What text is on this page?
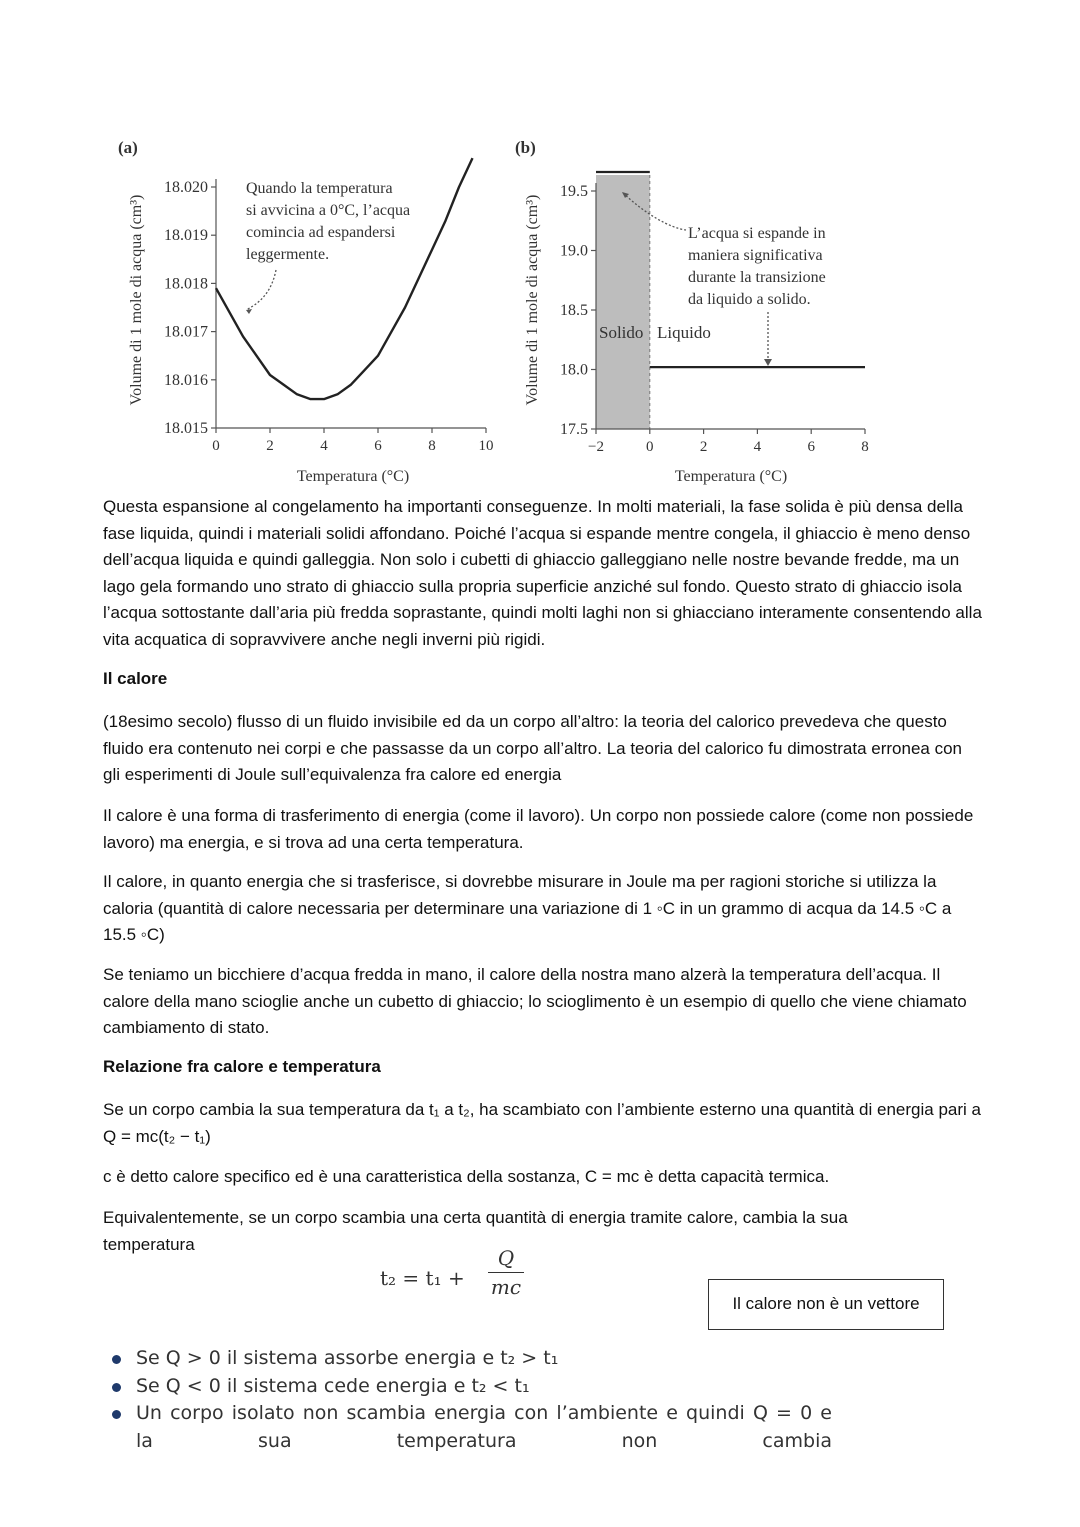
(a)
Volume di 1 mole di acqua (cm³)
18.020
18.019
18.018
18.017
18.016
18.015
0	2	4	6	8	10
Quando la temperatura
si avvicina a 0°C, l’acqua
comincia ad espandersi
leggermente.
Temperatura (°C)
(b)
Volume di 1 mole di acqua (cm³)
19.5
19.0
18.5
18.0
17.5
−2	0	2	4	6	8
Solido Liquido
L’acqua si espande in
maniera significativa
durante la transizione
da liquido a solido.
Temperatura (°C)

Questa espansione al congelamento ha importanti conseguenze. In molti materiali, la fase solida è più densa della fase liquida, quindi i materiali solidi affondano. Poiché l’acqua si espande mentre congela, il ghiaccio è meno denso dell’acqua liquida e quindi galleggia. Non solo i cubetti di ghiaccio galleggiano nelle nostre bevande fredde, ma un lago gela formando uno strato di ghiaccio sulla propria superficie anziché sul fondo. Questo strato di ghiaccio isola l’acqua sottostante dall’aria più fredda soprastante, quindi molti laghi non si ghiacciano interamente consentendo alla vita acquatica di sopravvivere anche negli inverni più rigidi.

Il calore

(18esimo secolo) flusso di un fluido invisibile ed da un corpo all’altro: la teoria del calorico prevedeva che questo fluido era contenuto nei corpi e che passasse da un corpo all’altro. La teoria del calorico fu dimostrata erronea con gli esperimenti di Joule sull’equivalenza fra calore ed energia

Il calore è una forma di trasferimento di energia (come il lavoro). Un corpo non possiede calore (come non possiede lavoro) ma energia, e si trova ad una certa temperatura.

Il calore, in quanto energia che si trasferisce, si dovrebbe misurare in Joule ma per ragioni storiche si utilizza la caloria (quantità di calore necessaria per determinare una variazione di 1 ◦C in un grammo di acqua da 14.5 ◦C a 15.5 ◦C)

Se teniamo un bicchiere d’acqua fredda in mano, il calore della nostra mano alzerà la temperatura dell’acqua. Il calore della mano scioglie anche un cubetto di ghiaccio; lo scioglimento è un esempio di quello che viene chiamato cambiamento di stato.

Relazione fra calore e temperatura

Se un corpo cambia la sua temperatura da t₁ a t₂, ha scambiato con l’ambiente esterno una quantità di energia pari a Q = mc(t₂ − t₁)

c è detto calore specifico ed è una caratteristica della sostanza, C = mc è detta capacità termica.

Equivalentemente, se un corpo scambia una certa quantità di energia tramite calore, cambia la sua temperatura

t₂ = t₁ +
Q
mc
Il calore non è un vettore
Se Q > 0 il sistema assorbe energia e t₂ > t₁
Se Q < 0 il sistema cede energia e t₂ < t₁
Un corpo isolato non scambia energia con l’ambiente e quindi Q = 0 e
la sua temperatura non cambia
